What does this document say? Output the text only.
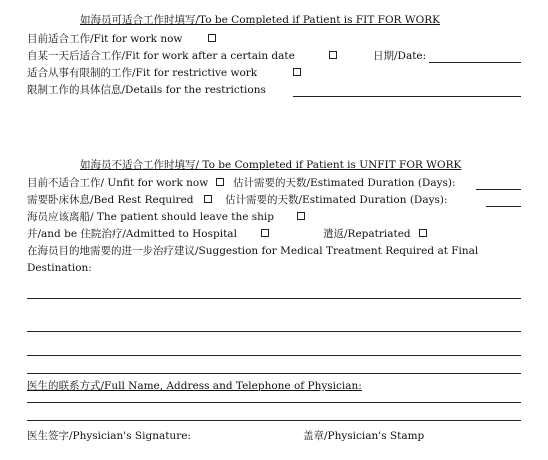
如海员可适合工作时填写/To be Completed if Patient is FIT FOR WORK
目前适合工作/Fit for work now
自某一天后适合工作/Fit for work after a certain date	日期/Date:
适合从事有限制的工作/Fit for restrictive work
限制工作的具体信息/Details for the restrictions
如海员不适合工作时填写/ To be Completed if Patient is UNFIT FOR WORK
目前不适合工作/ Unfit for work now 估计需要的天数/Estimated Duration (Days):
需要卧床休息/Bed Rest Required	估计需要的天数/Estimated Duration (Days):
海员应该离船/ The patient should leave the ship
并/and be 住院治疗/Admitted to Hospital	遣返/Repatriated
在海员目的地需要的进一步治疗建议/Suggestion for Medical Treatment Required at Final
Destination:
医生的联系方式/Full Name, Address and Telephone of Physician:
医生签字/Physician's Signature:	盖章/Physician's Stamp
